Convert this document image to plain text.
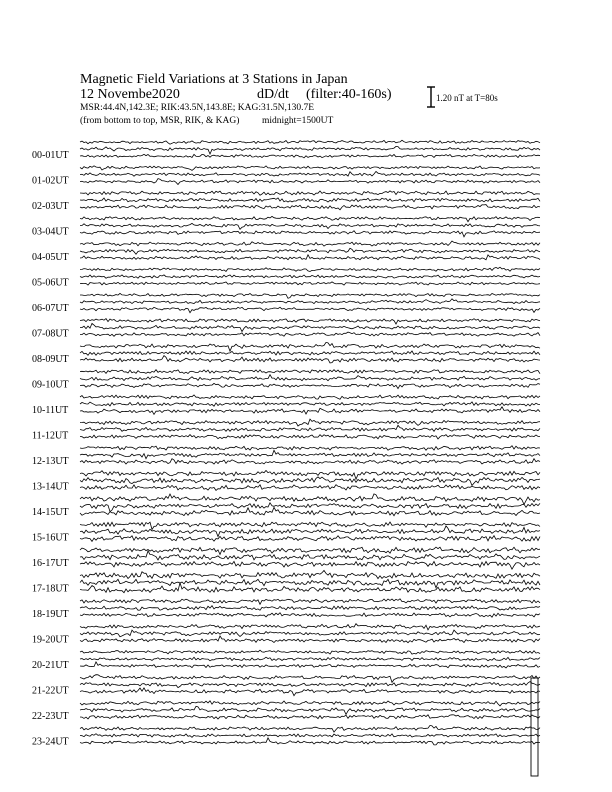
Magnetic Field Variations at 3 Stations in Japan
12 Novembe2020	dD/dt (filter:40-160s)
MSR:44.4N,142.3E; RIK:43.5N,143.8E; KAG:31.5N,130.7E
(from bottom to top, MSR, RIK, & KAG) midnight=1500UT
1.20 nT at T=80s
00-01UT
01-02UT
02-03UT
03-04UT
04-05UT
05-06UT
06-07UT
07-08UT
08-09UT
09-10UT
10-11UT
11-12UT
12-13UT
13-14UT
14-15UT
15-16UT
16-17UT
17-18UT
18-19UT
19-20UT
20-21UT
21-22UT
22-23UT
23-24UT
